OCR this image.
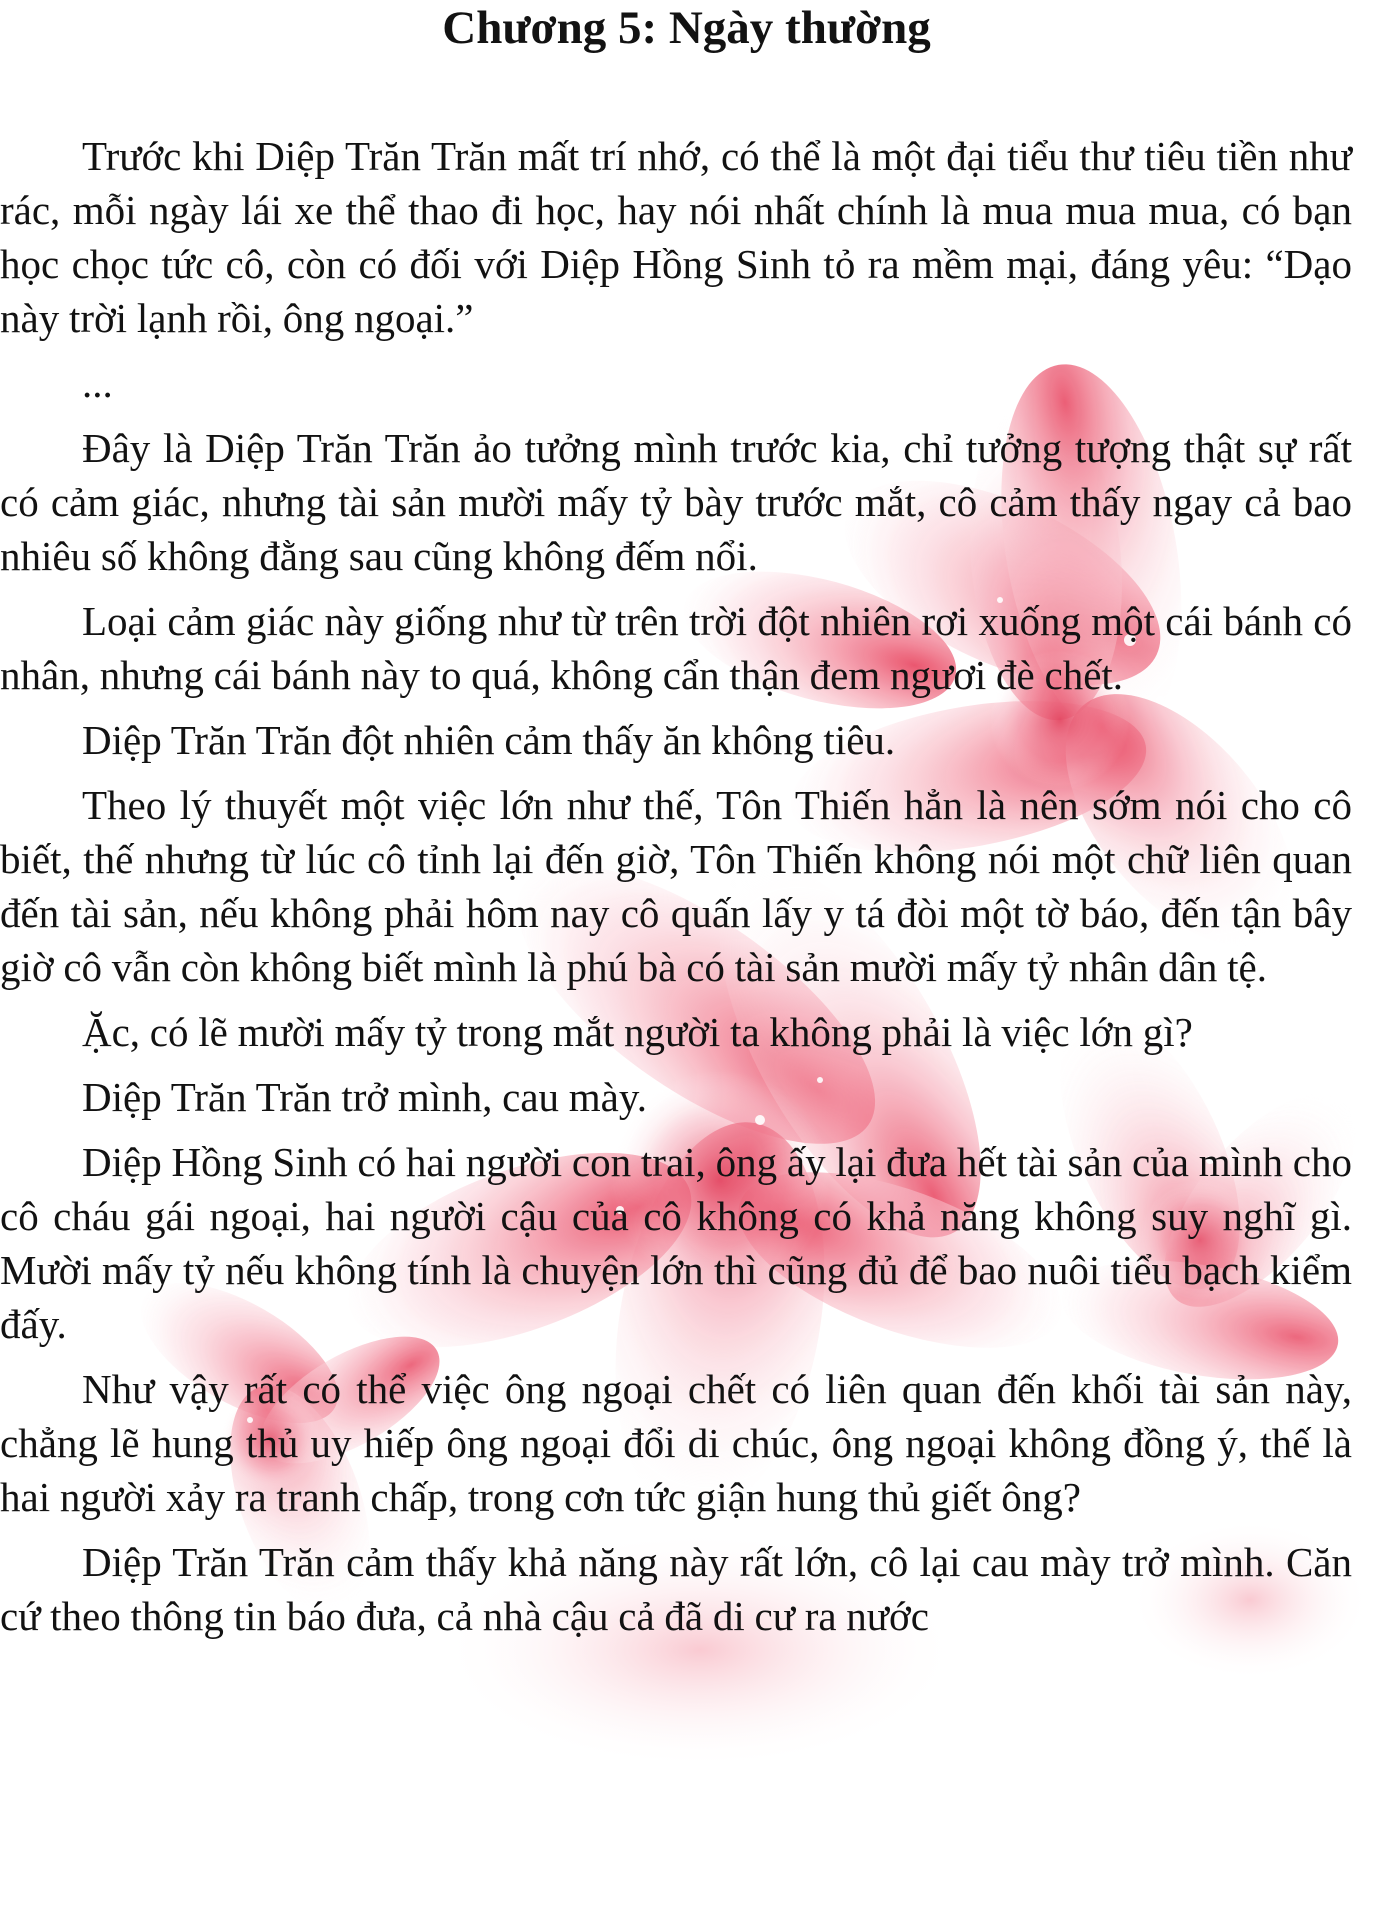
Chương 5: Ngày thường

Trước khi Diệp Trăn Trăn mất trí nhớ, có thể là một đại tiểu thư tiêu tiền như rác, mỗi ngày lái xe thể thao đi học, hay nói nhất chính là mua mua mua, có bạn học chọc tức cô, còn có đối với Diệp Hồng Sinh tỏ ra mềm mại, đáng yêu: “Dạo này trời lạnh rồi, ông ngoại.”

...

Đây là Diệp Trăn Trăn ảo tưởng mình trước kia, chỉ tưởng tượng thật sự rất có cảm giác, nhưng tài sản mười mấy tỷ bày trước mắt, cô cảm thấy ngay cả bao nhiêu số không đằng sau cũng không đếm nổi.

Loại cảm giác này giống như từ trên trời đột nhiên rơi xuống một cái bánh có nhân, nhưng cái bánh này to quá, không cẩn thận đem ngươi đè chết.

Diệp Trăn Trăn đột nhiên cảm thấy ăn không tiêu.

Theo lý thuyết một việc lớn như thế, Tôn Thiến hẳn là nên sớm nói cho cô biết, thế nhưng từ lúc cô tỉnh lại đến giờ, Tôn Thiến không nói một chữ liên quan đến tài sản, nếu không phải hôm nay cô quấn lấy y tá đòi một tờ báo, đến tận bây giờ cô vẫn còn không biết mình là phú bà có tài sản mười mấy tỷ nhân dân tệ.

Ặc, có lẽ mười mấy tỷ trong mắt người ta không phải là việc lớn gì?

Diệp Trăn Trăn trở mình, cau mày.

Diệp Hồng Sinh có hai người con trai, ông ấy lại đưa hết tài sản của mình cho cô cháu gái ngoại, hai người cậu của cô không có khả năng không suy nghĩ gì. Mười mấy tỷ nếu không tính là chuyện lớn thì cũng đủ để bao nuôi tiểu bạch kiểm đấy.

Như vậy rất có thể việc ông ngoại chết có liên quan đến khối tài sản này, chẳng lẽ hung thủ uy hiếp ông ngoại đổi di chúc, ông ngoại không đồng ý, thế là hai người xảy ra tranh chấp, trong cơn tức giận hung thủ giết ông?

Diệp Trăn Trăn cảm thấy khả năng này rất lớn, cô lại cau mày trở mình. Căn cứ theo thông tin báo đưa, cả nhà cậu cả đã di cư ra nước
